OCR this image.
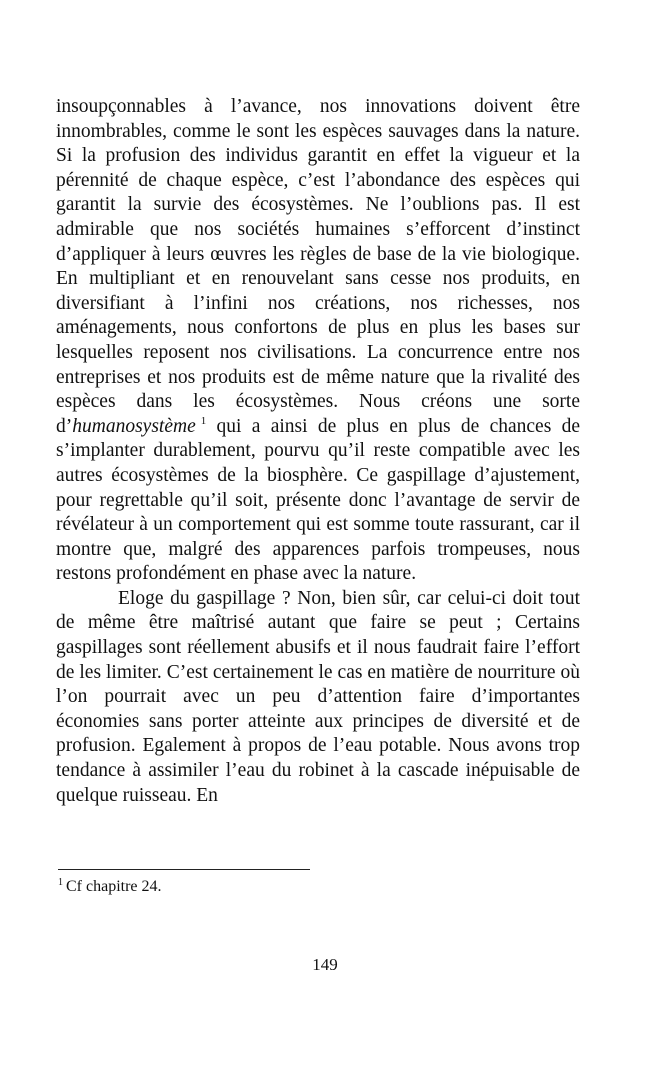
insoupçonnables à l’avance, nos innovations doivent être innombrables, comme le sont les espèces sauvages dans la nature. Si la profusion des individus garantit en effet la vigueur et la pérennité de chaque espèce, c’est l’abondance des espèces qui garantit la survie des écosystèmes. Ne l’oublions pas. Il est admirable que nos sociétés humaines s’efforcent d’instinct d’appliquer à leurs œuvres les règles de base de la vie biologique. En multipliant et en renouvelant sans cesse nos produits, en diversifiant à l’infini nos créations, nos richesses, nos aménagements, nous confortons de plus en plus les bases sur lesquelles reposent nos civilisations. La concurrence entre nos entreprises et nos produits est de même nature que la rivalité des espèces dans les écosystèmes. Nous créons une sorte d’humanosystème $^1$ qui a ainsi de plus en plus de chances de s’implanter durablement, pourvu qu’il reste compatible avec les autres écosystèmes de la biosphère. Ce gaspillage d’ajustement, pour regrettable qu’il soit, présente donc l’avantage de servir de révélateur à un comportement qui est somme toute rassurant, car il montre que, malgré des apparences parfois trompeuses, nous restons profondément en phase avec la nature.

Eloge du gaspillage ? Non, bien sûr, car celui-ci doit tout de même être maîtrisé autant que faire se peut ; Certains gaspillages sont réellement abusifs et il nous faudrait faire l’effort de les limiter. C’est certainement le cas en matière de nourriture où l’on pourrait avec un peu d’attention faire d’importantes économies sans porter atteinte aux principes de diversité et de profusion. Egalement à propos de l’eau potable. Nous avons trop tendance à assimiler l’eau du robinet à la cascade inépuisable de quelque ruisseau. En

$^1$ Cf chapitre 24.
149
